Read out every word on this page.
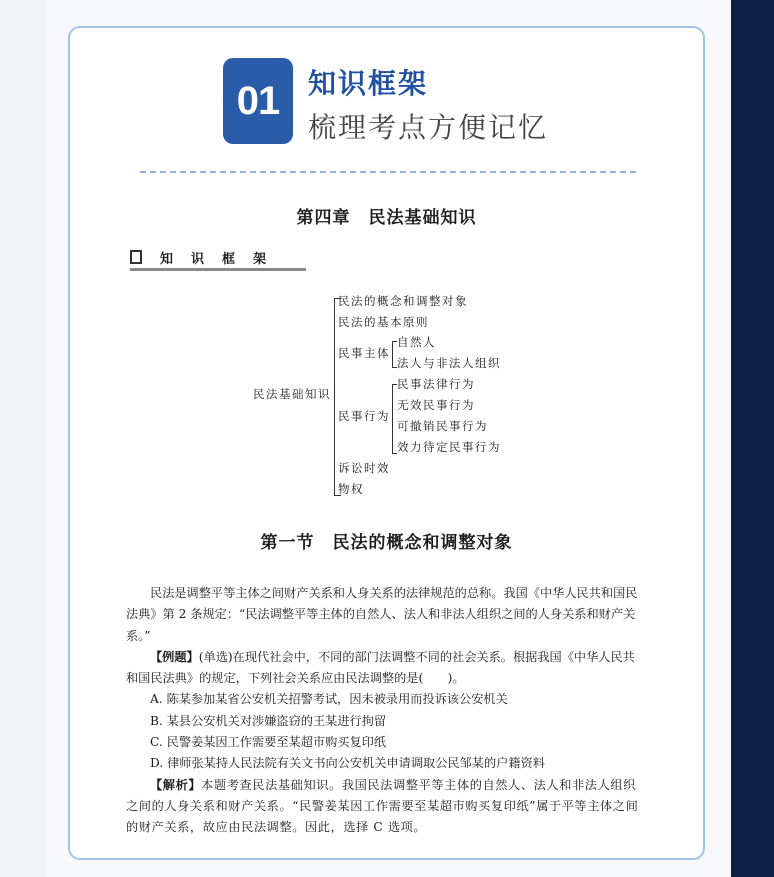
01	知识框架
梳理考点方便记忆
第四章　民法基础知识
知识框架
民法基础知识
民法的概念和调整对象
民法的基本原则
民事主体
自然人
法人与非法人组织
民事行为
民事法律行为
无效民事行为
可撤销民事行为
效力待定民事行为
诉讼时效
物权
第一节　民法的概念和调整对象

民法是调整平等主体之间财产关系和人身关系的法律规范的总称。我国《中华人民共和国民法典》第 2 条规定：“民法调整平等主体的自然人、法人和非法人组织之间的人身关系和财产关系。”

【例题】(单选)在现代社会中，不同的部门法调整不同的社会关系。根据我国《中华人民共和国民法典》的规定，下列社会关系应由民法调整的是(　　)。

A. 陈某参加某省公安机关招警考试，因未被录用而投诉该公安机关

B. 某县公安机关对涉嫌盗窃的王某进行拘留

C. 民警姜某因工作需要至某超市购买复印纸

D. 律师张某持人民法院有关文书向公安机关申请调取公民邹某的户籍资料

【解析】本题考查民法基础知识。我国民法调整平等主体的自然人、法人和非法人组织之间的人身关系和财产关系。“民警姜某因工作需要至某超市购买复印纸”属于平等主体之间的财产关系，故应由民法调整。因此，选择 C 选项。
